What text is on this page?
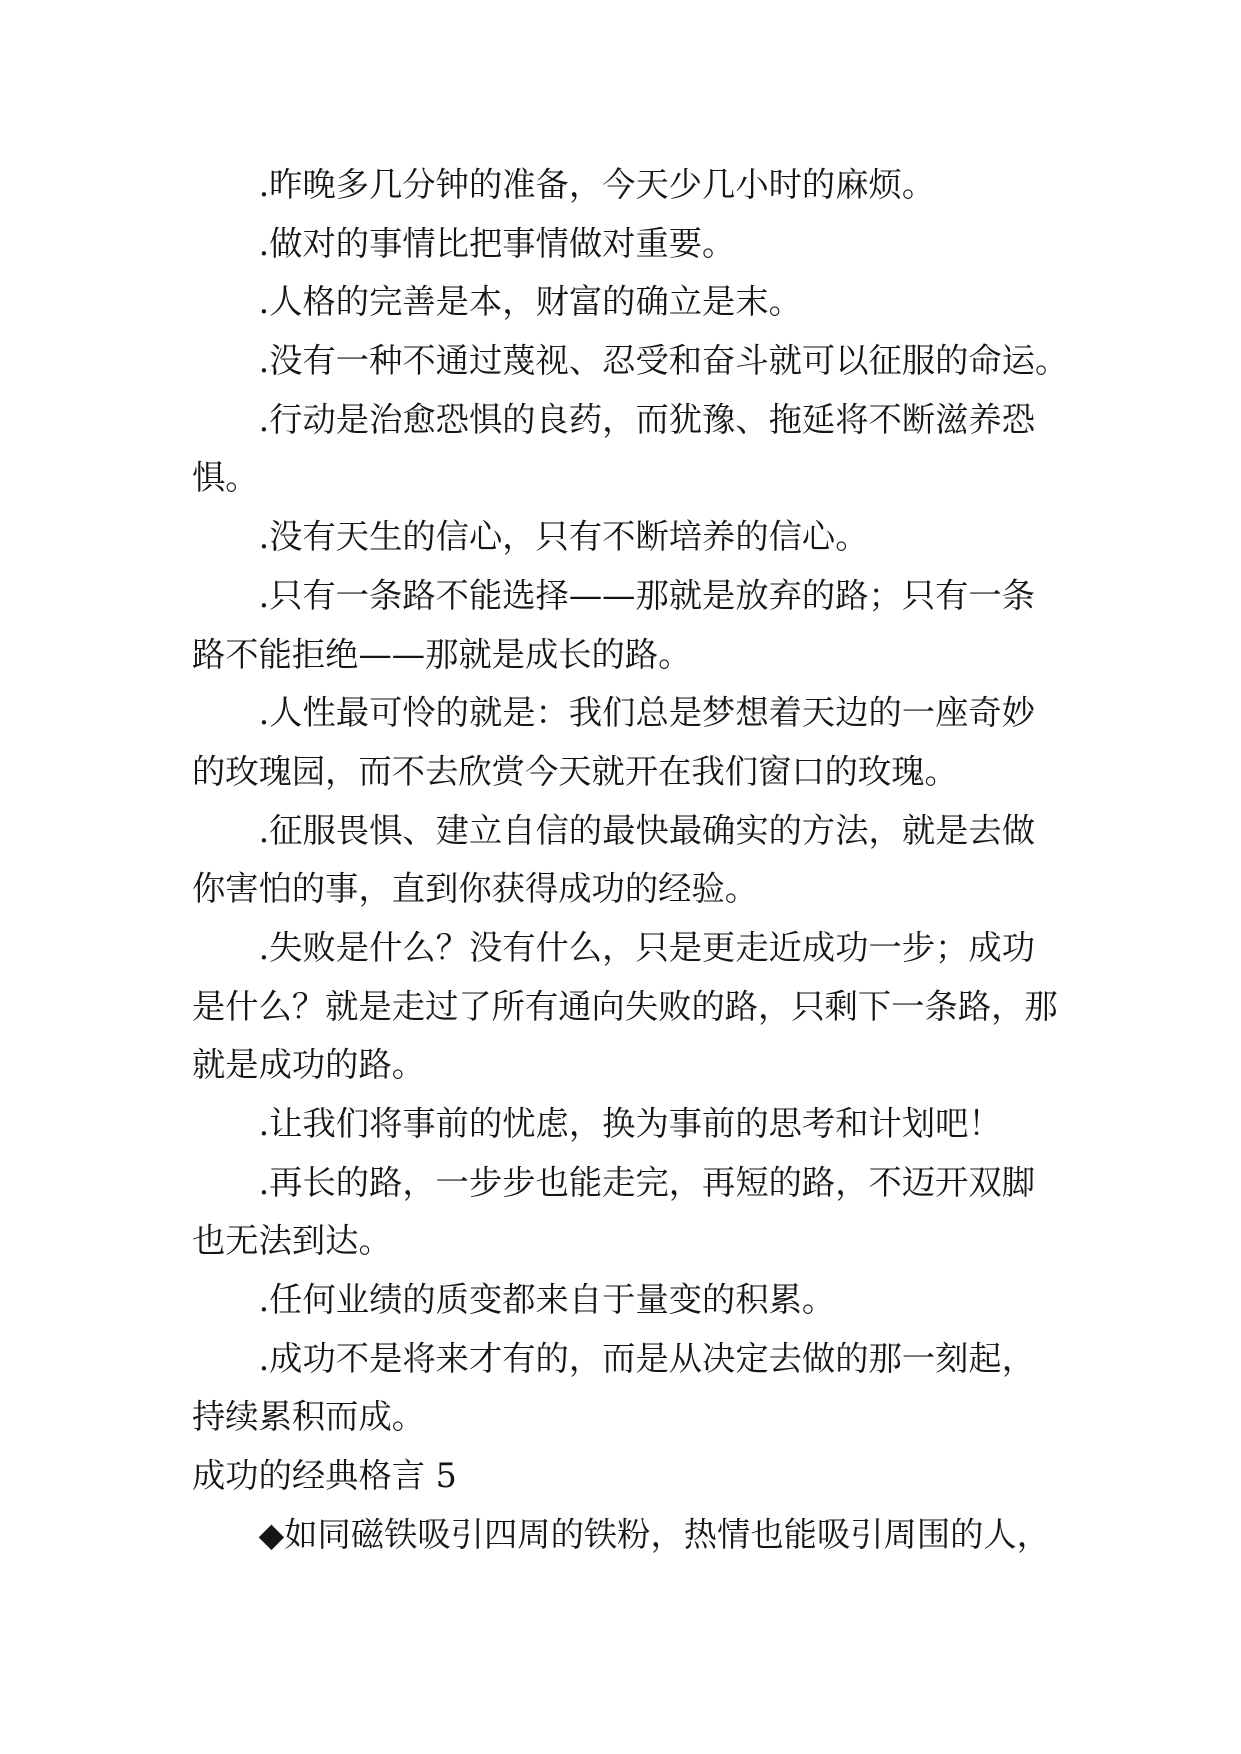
.昨晚多几分钟的准备，今天少几小时的麻烦。
.做对的事情比把事情做对重要。
.人格的完善是本，财富的确立是末。
.没有一种不通过蔑视、忍受和奋斗就可以征服的命运。
.行动是治愈恐惧的良药，而犹豫、拖延将不断滋养恐
惧。
.没有天生的信心，只有不断培养的信心。
.只有一条路不能选择——那就是放弃的路；只有一条
路不能拒绝——那就是成长的路。
.人性最可怜的就是：我们总是梦想着天边的一座奇妙
的玫瑰园，而不去欣赏今天就开在我们窗口的玫瑰。
.征服畏惧、建立自信的最快最确实的方法，就是去做
你害怕的事，直到你获得成功的经验。
.失败是什么？没有什么，只是更走近成功一步；成功
是什么？就是走过了所有通向失败的路，只剩下一条路，那
就是成功的路。
.让我们将事前的忧虑，换为事前的思考和计划吧！
.再长的路，一步步也能走完，再短的路，不迈开双脚
也无法到达。
.任何业绩的质变都来自于量变的积累。
.成功不是将来才有的，而是从决定去做的那一刻起，
持续累积而成。
成功的经典格言 5
◆如同磁铁吸引四周的铁粉，热情也能吸引周围的人，
